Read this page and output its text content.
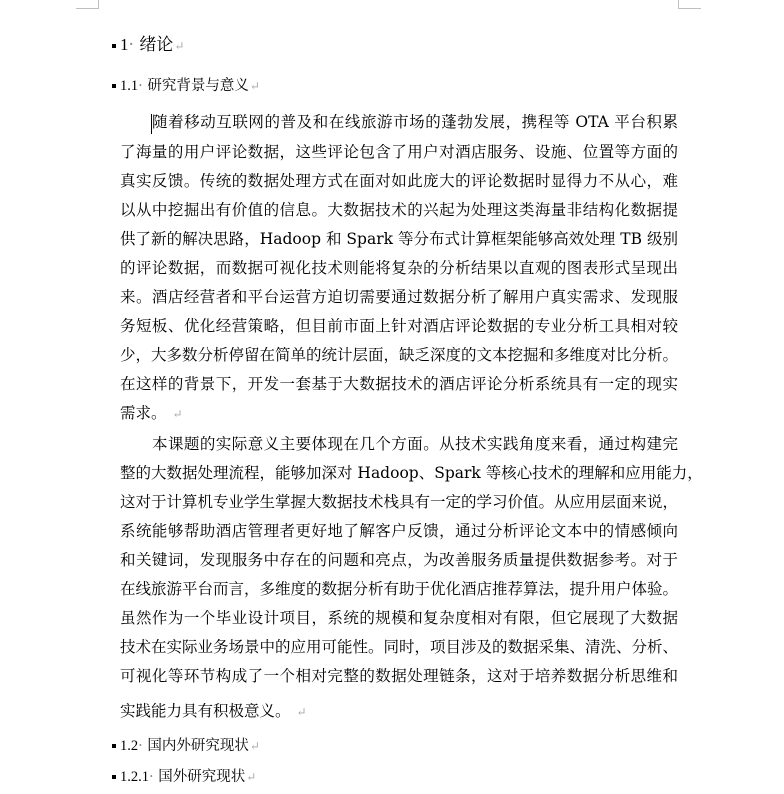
1· 绪论↵
1.1· 研究背景与意义↵
随着移动互联网的普及和在线旅游市场的蓬勃发展，携程等 OTA 平台积累
了海量的用户评论数据，这些评论包含了用户对酒店服务、设施、位置等方面的
真实反馈。传统的数据处理方式在面对如此庞大的评论数据时显得力不从心，难
以从中挖掘出有价值的信息。大数据技术的兴起为处理这类海量非结构化数据提
供了新的解决思路，Hadoop 和 Spark 等分布式计算框架能够高效处理 TB 级别
的评论数据，而数据可视化技术则能将复杂的分析结果以直观的图表形式呈现出
来。酒店经营者和平台运营方迫切需要通过数据分析了解用户真实需求、发现服
务短板、优化经营策略，但目前市面上针对酒店评论数据的专业分析工具相对较
少，大多数分析停留在简单的统计层面，缺乏深度的文本挖掘和多维度对比分析。
在这样的背景下，开发一套基于大数据技术的酒店评论分析系统具有一定的现实
需求。 ↵
本课题的实际意义主要体现在几个方面。从技术实践角度来看，通过构建完
整的大数据处理流程，能够加深对 Hadoop、Spark 等核心技术的理解和应用能力，
这对于计算机专业学生掌握大数据技术栈具有一定的学习价值。从应用层面来说，
系统能够帮助酒店管理者更好地了解客户反馈，通过分析评论文本中的情感倾向
和关键词，发现服务中存在的问题和亮点，为改善服务质量提供数据参考。对于
在线旅游平台而言，多维度的数据分析有助于优化酒店推荐算法，提升用户体验。
虽然作为一个毕业设计项目，系统的规模和复杂度相对有限，但它展现了大数据
技术在实际业务场景中的应用可能性。同时，项目涉及的数据采集、清洗、分析、
可视化等环节构成了一个相对完整的数据处理链条，这对于培养数据分析思维和
实践能力具有积极意义。 ↵
1.2· 国内外研究现状↵
1.2.1· 国外研究现状↵
